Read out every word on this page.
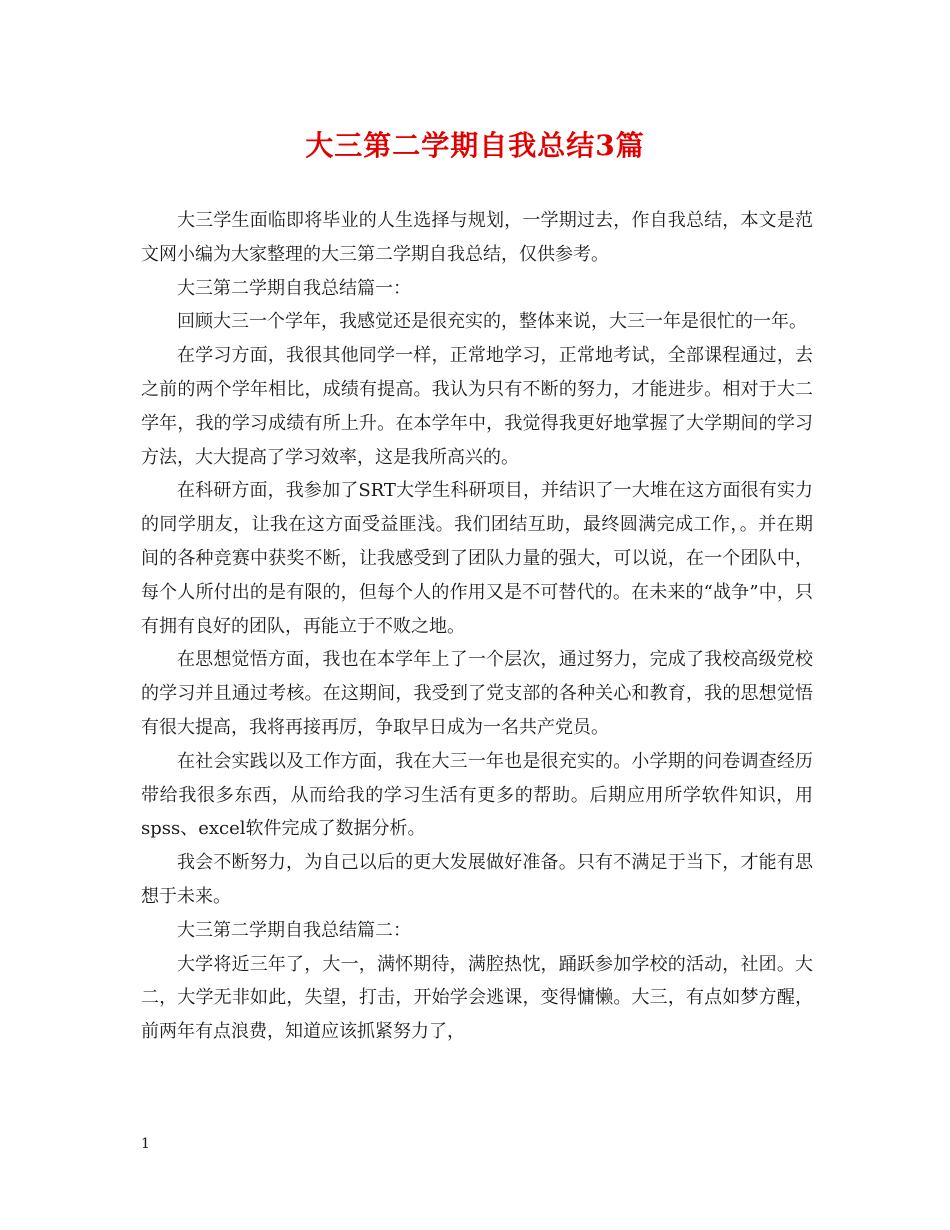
大三第二学期自我总结3篇

大三学生面临即将毕业的人生选择与规划，一学期过去，作自我总结，本文是范文网小编为大家整理的大三第二学期自我总结，仅供参考。

大三第二学期自我总结篇一：

回顾大三一个学年，我感觉还是很充实的，整体来说，大三一年是很忙的一年。

在学习方面，我很其他同学一样，正常地学习，正常地考试，全部课程通过，去之前的两个学年相比，成绩有提高。我认为只有不断的努力，才能进步。相对于大二学年，我的学习成绩有所上升。在本学年中，我觉得我更好地掌握了大学期间的学习方法，大大提高了学习效率，这是我所高兴的。

在科研方面，我参加了SRT大学生科研项目，并结识了一大堆在这方面很有实力的同学朋友，让我在这方面受益匪浅。我们团结互助，最终圆满完成工作，。并在期间的各种竞赛中获奖不断，让我感受到了团队力量的强大，可以说，在一个团队中，每个人所付出的是有限的，但每个人的作用又是不可替代的。在未来的“战争”中，只有拥有良好的团队，再能立于不败之地。

在思想觉悟方面，我也在本学年上了一个层次，通过努力，完成了我校高级党校的学习并且通过考核。在这期间，我受到了党支部的各种关心和教育，我的思想觉悟有很大提高，我将再接再厉，争取早日成为一名共产党员。

在社会实践以及工作方面，我在大三一年也是很充实的。小学期的问卷调查经历带给我很多东西，从而给我的学习生活有更多的帮助。后期应用所学软件知识，用spss、excel软件完成了数据分析。

我会不断努力，为自己以后的更大发展做好准备。只有不满足于当下，才能有思想于未来。

大三第二学期自我总结篇二：

大学将近三年了，大一，满怀期待，满腔热忱，踊跃参加学校的活动，社团。大二，大学无非如此，失望，打击，开始学会逃课，变得慵懒。大三，有点如梦方醒，前两年有点浪费，知道应该抓紧努力了，

1
